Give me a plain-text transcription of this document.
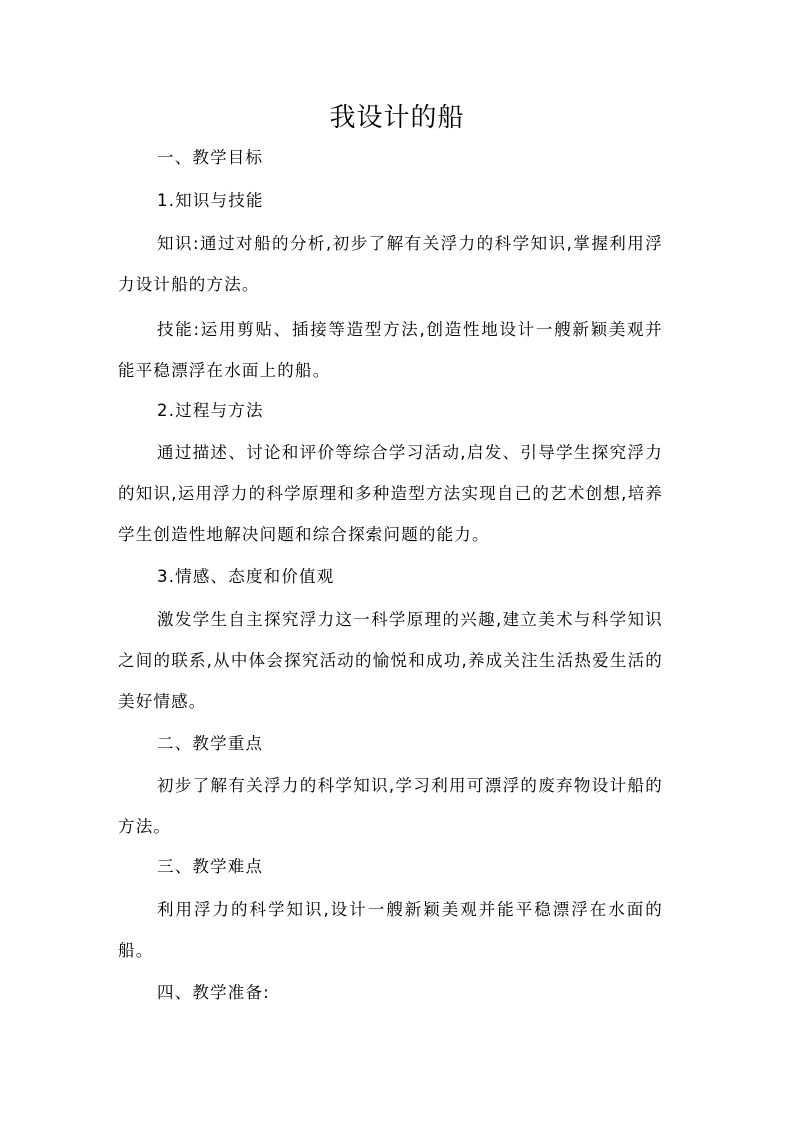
我设计的船

一、教学目标

1.知识与技能

知识:通过对船的分析,初步了解有关浮力的科学知识,掌握利用浮力设计船的方法。

技能:运用剪贴、插接等造型方法,创造性地设计一艘新颖美观并能平稳漂浮在水面上的船。

2.过程与方法

通过描述、讨论和评价等综合学习活动,启发、引导学生探究浮力的知识,运用浮力的科学原理和多种造型方法实现自己的艺术创想,培养学生创造性地解决问题和综合探索问题的能力。

3.情感、态度和价值观

激发学生自主探究浮力这一科学原理的兴趣,建立美术与科学知识之间的联系,从中体会探究活动的愉悦和成功,养成关注生活热爱生活的美好情感。

二、教学重点

初步了解有关浮力的科学知识,学习利用可漂浮的废弃物设计船的方法。

三、教学难点

利用浮力的科学知识,设计一艘新颖美观并能平稳漂浮在水面的船。

四、教学准备:
